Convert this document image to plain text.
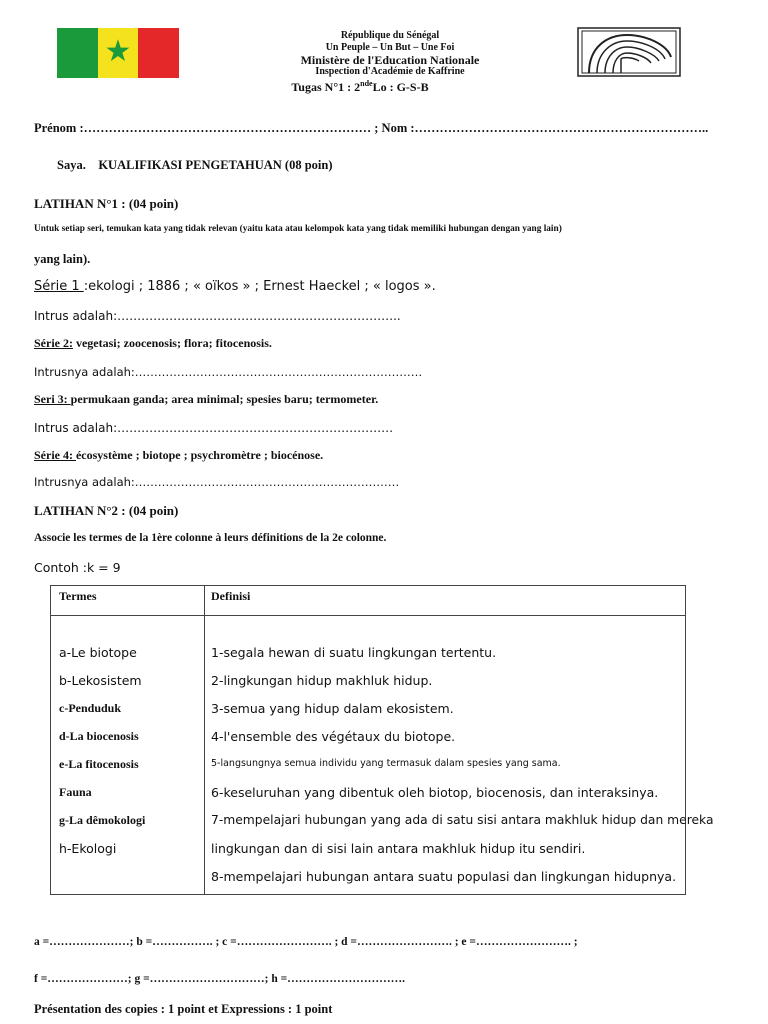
★	République du Sénégal
Un Peuple – Un But – Une Foi
Ministère de l'Education Nationale
Inspection d'Académie de Kaffrine
Tugas N°1 : 2ndeLo : G-S-B
Prénom :…………………………………………………………… ; Nom :……………………………………………………………..
Saya.    KUALIFIKASI PENGETAHUAN (08 poin)
LATIHAN N°1 : (04 poin)
Untuk setiap seri, temukan kata yang tidak relevan (yaitu kata atau kelompok kata yang tidak memiliki hubungan dengan yang lain)
yang lain).
Série 1 :ekologi ; 1886 ; « oïkos » ; Ernest Haeckel ; « logos ».
Intrus adalah:……………………………………………………………..
Série 2: vegetasi; zoocenosis; flora; fitocenosis.
Intrusnya adalah:…………………………………………………………………
Seri 3: permukaan ganda; area minimal; spesies baru; termometer.
Intrus adalah:……………………………………………………………
Série 4: écosystème ; biotope ; psychromètre ; biocénose.
Intrusnya adalah:……………………………………………………………
LATIHAN N°2 : (04 poin)
Associe les termes de la 1ère colonne à leurs définitions de la 2e colonne.
Contoh :k = 9
Termes	Definisi
a-Le biotope
b-Lekosistem
c-Penduduk
d-La biocenosis
e-La fitocenosis
Fauna
g-La dêmokologi
h-Ekologi
1-segala hewan di suatu lingkungan tertentu.
2-lingkungan hidup makhluk hidup.
3-semua yang hidup dalam ekosistem.
4-l'ensemble des végétaux du biotope.
5-langsungnya semua individu yang termasuk dalam spesies yang sama.
6-keseluruhan yang dibentuk oleh biotop, biocenosis, dan interaksinya.
7-mempelajari hubungan yang ada di satu sisi antara makhluk hidup dan mereka
lingkungan dan di sisi lain antara makhluk hidup itu sendiri.
8-mempelajari hubungan antara suatu populasi dan lingkungan hidupnya.
a =…………………; b =……………. ; c =……………………. ; d =……………………. ; e =……………………. ;
f =…………………; g =…………………………; h =………………………….
Présentation des copies : 1 point et Expressions : 1 point
